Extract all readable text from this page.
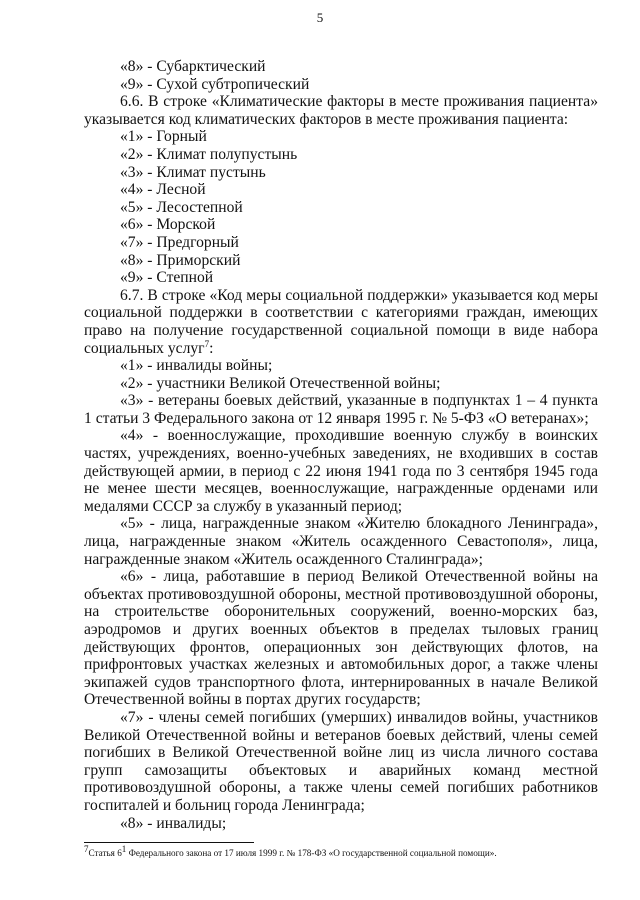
5

«8» - Субарктический

«9» - Сухой субтропический

6.6. В строке «Климатические факторы в месте проживания пациента» указывается код климатических факторов в месте проживания пациента:

«1» - Горный

«2» - Климат полупустынь

«3» - Климат пустынь

«4» - Лесной

«5» - Лесостепной

«6» - Морской

«7» - Предгорный

«8» - Приморский

«9» - Степной

6.7. В строке «Код меры социальной поддержки» указывается код меры социальной поддержки в соответствии с категориями граждан, имеющих право на получение государственной социальной помощи в виде набора социальных услуг$^7$:

«1» - инвалиды войны;

«2» - участники Великой Отечественной войны;

«3» - ветераны боевых действий, указанные в подпунктах 1 – 4 пункта 1 статьи 3 Федерального закона от 12 января 1995 г. № 5-ФЗ «О ветеранах»;

«4» - военнослужащие, проходившие военную службу в воинских частях, учреждениях, военно-учебных заведениях, не входивших в состав действующей армии, в период с 22 июня 1941 года по 3 сентября 1945 года не менее шести месяцев, военнослужащие, награжденные орденами или медалями СССР за службу в указанный период;

«5» - лица, награжденные знаком «Жителю блокадного Ленинграда», лица, награжденные знаком «Житель осажденного Севастополя», лица, награжденные знаком «Житель осажденного Сталинграда»;

«6» - лица, работавшие в период Великой Отечественной войны на объектах противовоздушной обороны, местной противовоздушной обороны, на строительстве оборонительных сооружений, военно-морских баз, аэродромов и других военных объектов в пределах тыловых границ действующих фронтов, операционных зон действующих флотов, на прифронтовых участках железных и автомобильных дорог, а также члены экипажей судов транспортного флота, интернированных в начале Великой Отечественной войны в портах других государств;

«7» - члены семей погибших (умерших) инвалидов войны, участников Великой Отечественной войны и ветеранов боевых действий, члены семей погибших в Великой Отечественной войне лиц из числа личного состава групп самозащиты объектовых и аварийных команд местной противовоздушной обороны, а также члены семей погибших работников госпиталей и больниц города Ленинграда;

«8» - инвалиды;

$^7$Статья $6^1$ Федерального закона от 17 июля 1999 г. № 178-ФЗ «О государственной социальной помощи».
